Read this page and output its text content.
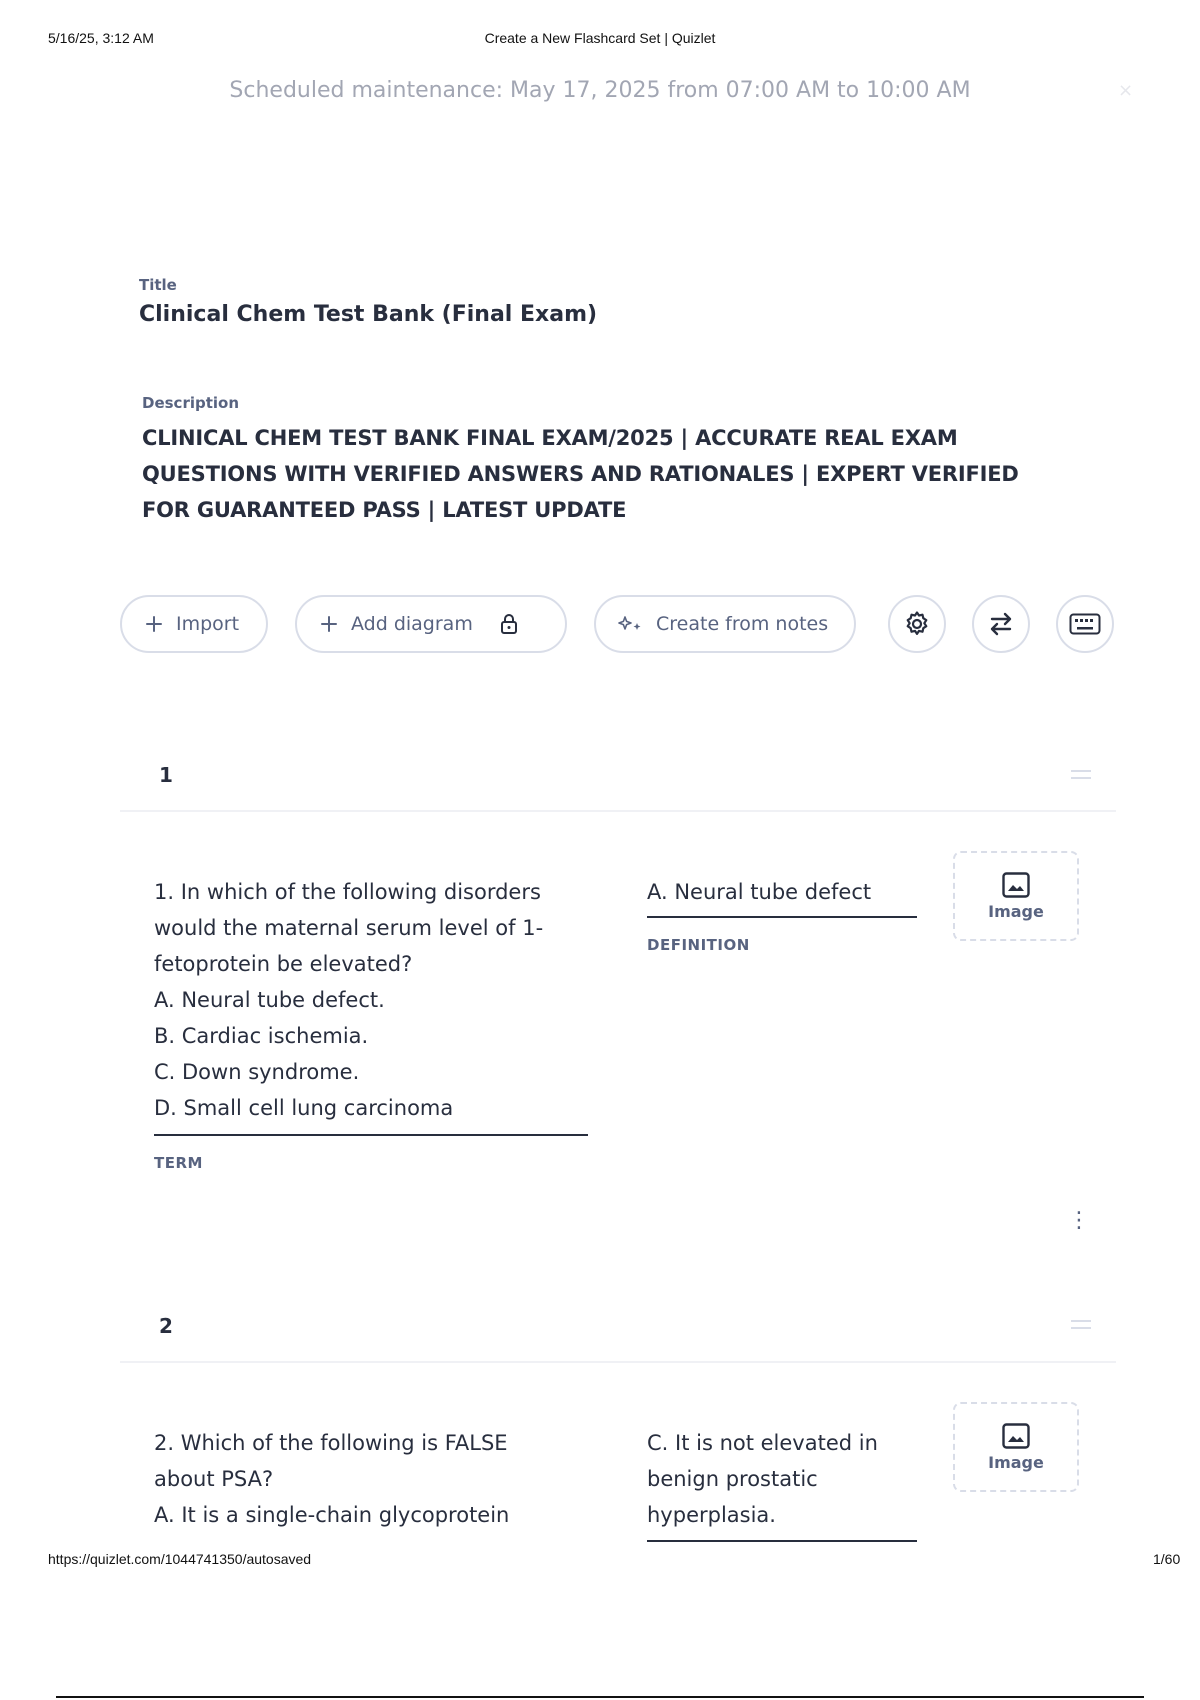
5/16/25, 3:12 AM	Create a New Flashcard Set | Quizlet
Scheduled maintenance: May 17, 2025 from 07:00 AM to 10:00 AM	×
Title
Clinical Chem Test Bank (Final Exam)
Description
CLINICAL CHEM TEST BANK FINAL EXAM/2025 | ACCURATE REAL EXAM
QUESTIONS WITH VERIFIED ANSWERS AND RATIONALES | EXPERT VERIFIED
FOR GUARANTEED PASS | LATEST UPDATE
Import	Add diagram	Create from notes
1
1. In which of the following disorders
would the maternal serum level of 1-
fetoprotein be elevated?
A. Neural tube defect.
B. Cardiac ischemia.
C. Down syndrome.
D. Small cell lung carcinoma
TERM
A. Neural tube defect
DEFINITION
Image
⋮
2
2. Which of the following is FALSE
about PSA?
A. It is a single-chain glycoprotein
C. It is not elevated in
benign prostatic
hyperplasia.
Image
https://quizlet.com/1044741350/autosaved	1/60
